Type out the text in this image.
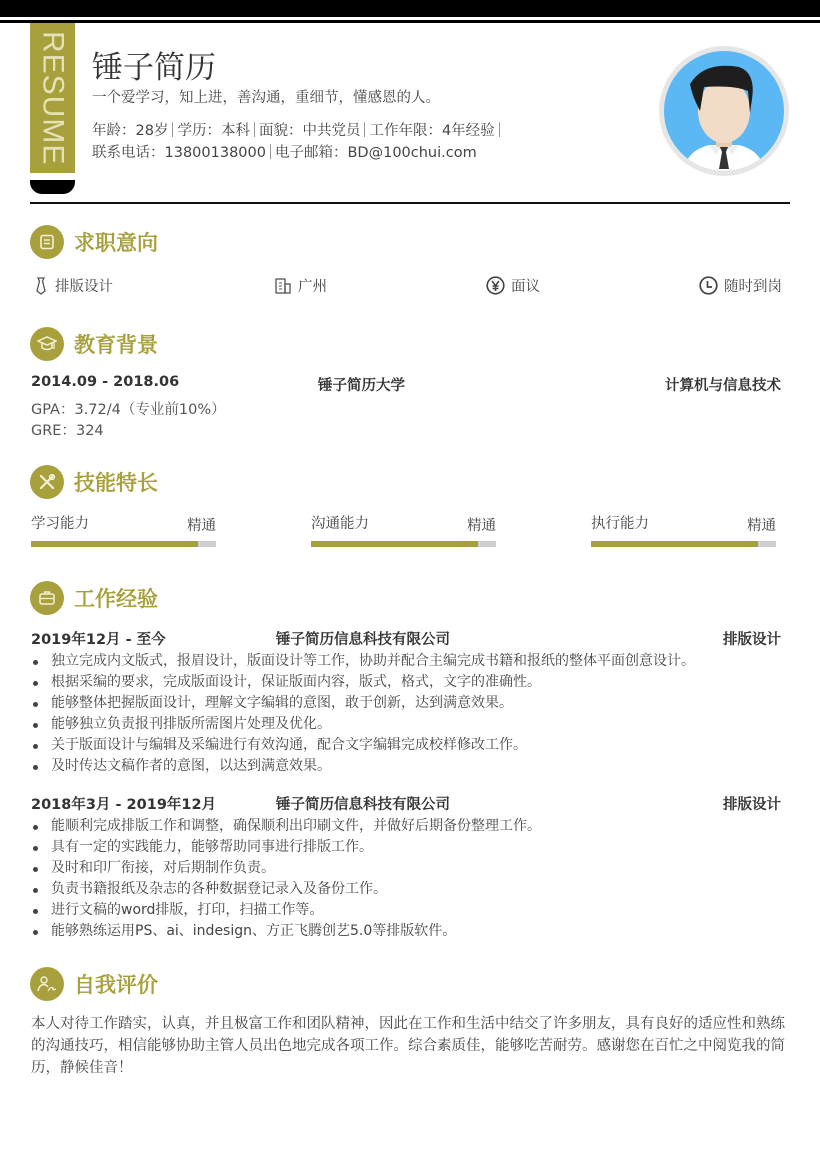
RESUME 锤子简历
一个爱学习，知上进，善沟通，重细节，懂感恩的人。
年龄：28岁 学历：本科 面貌：中共党员 工作年限：4年经验
联系电话：13800138000 电子邮箱：BD@100chui.com
求职意向
排版设计	广州	面议	随时到岗
教育背景
2014.09 - 2018.06	锤子简历大学	计算机与信息技术
GPA：3.72/4（专业前10%）
GRE：324
技能特长
学习能力	精通	沟通能力	精通	执行能力	精通
工作经验
2019年12月 - 至今	锤子简历信息科技有限公司	排版设计
独立完成内文版式，报眉设计，版面设计等工作，协助并配合主编完成书籍和报纸的整体平面创意设计。
根据采编的要求，完成版面设计，保证版面内容，版式，格式，文字的准确性。
能够整体把握版面设计，理解文字编辑的意图，敢于创新，达到满意效果。
能够独立负责报刊排版所需图片处理及优化。
关于版面设计与编辑及采编进行有效沟通，配合文字编辑完成校样修改工作。
及时传达文稿作者的意图，以达到满意效果。
2018年3月 - 2019年12月	锤子简历信息科技有限公司	排版设计
能顺利完成排版工作和调整，确保顺利出印刷文件，并做好后期备份整理工作。
具有一定的实践能力，能够帮助同事进行排版工作。
及时和印厂衔接，对后期制作负责。
负责书籍报纸及杂志的各种数据登记录入及备份工作。
进行文稿的word排版，打印，扫描工作等。
能够熟练运用PS、ai、indesign、方正飞腾创艺5.0等排版软件。
自我评价
本人对待工作踏实，认真，并且极富工作和团队精神，因此在工作和生活中结交了许多朋友，具有良好的适应性和熟练的沟通技巧，相信能够协助主管人员出色地完成各项工作。综合素质佳，能够吃苦耐劳。感谢您在百忙之中阅览我的简历，静候佳音！
